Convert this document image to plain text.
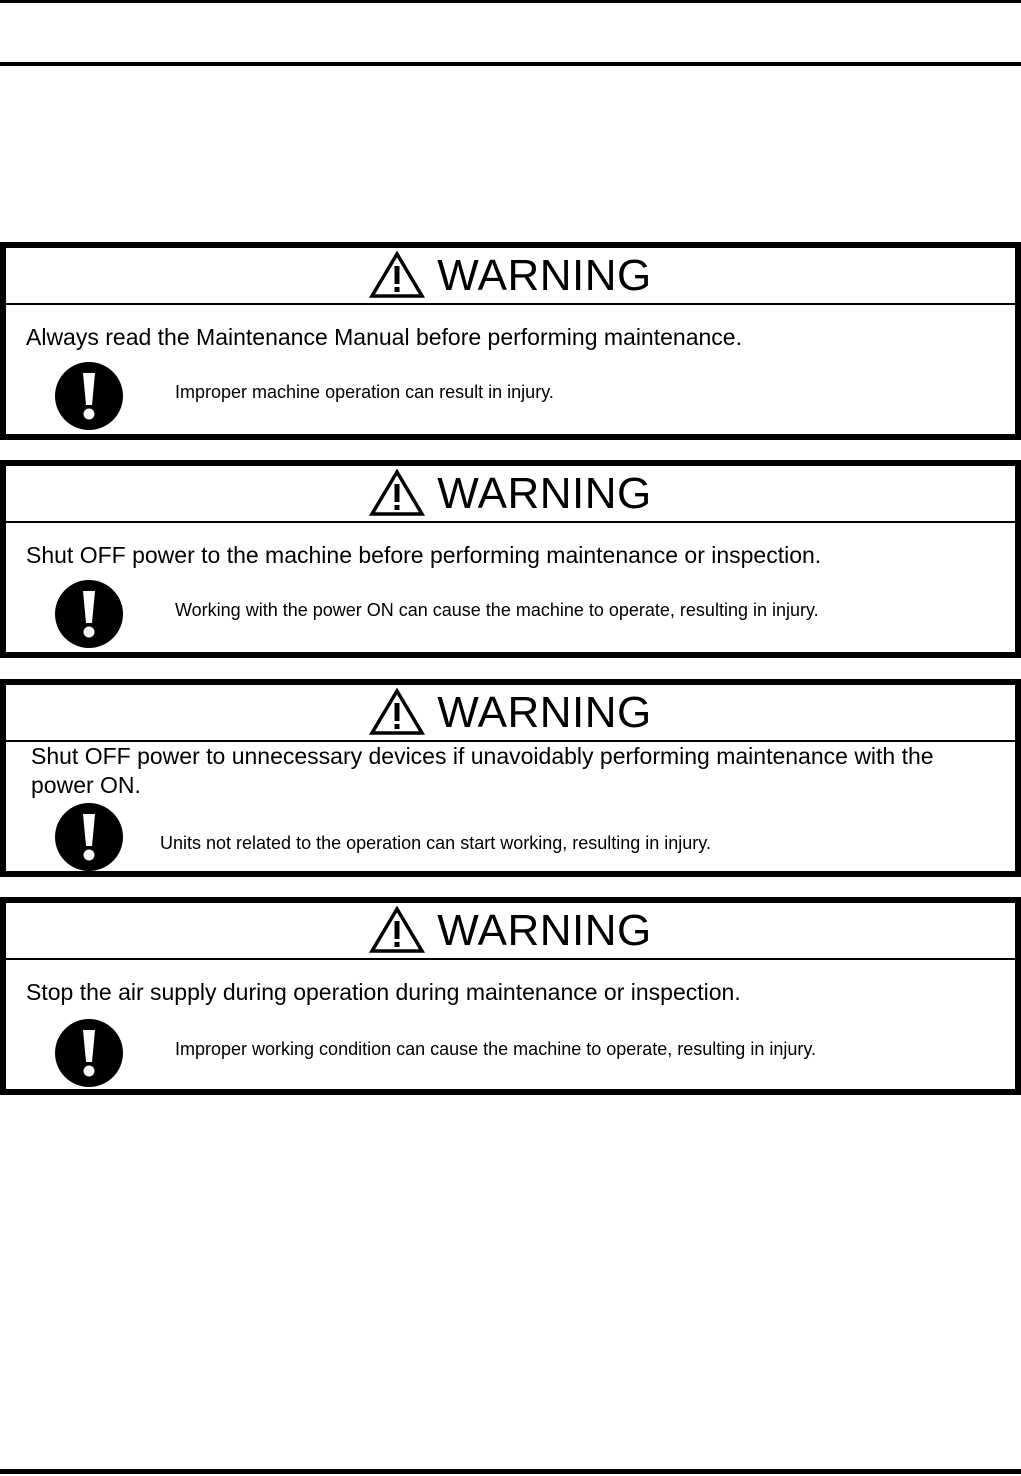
WARNING
Always read the Maintenance Manual before performing maintenance.
Improper machine operation can result in injury.
WARNING
Shut OFF power to the machine before performing maintenance or inspection.
Working with the power ON can cause the machine to operate, resulting in injury.
WARNING
Shut OFF power to unnecessary devices if unavoidably performing maintenance with the power ON.
Units not related to the operation can start working, resulting in injury.
WARNING
Stop the air supply during operation during maintenance or inspection.
Improper working condition can cause the machine to operate, resulting in injury.
